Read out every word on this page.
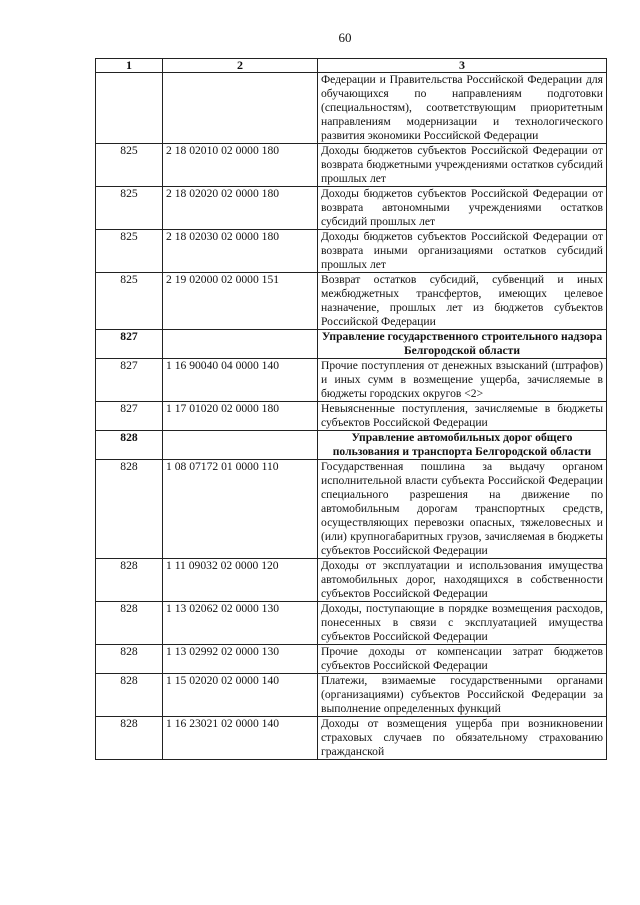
60
1	2	3
		Федерации и Правительства Российской Федерации для обучающихся по направлениям подготовки (специальностям), соответствующим приоритетным направлениям модернизации и технологического развития экономики Российской Федерации
825	2 18 02010 02 0000 180	Доходы бюджетов субъектов Российской Федерации от возврата бюджетными учреждениями остатков субсидий прошлых лет
825	2 18 02020 02 0000 180	Доходы бюджетов субъектов Российской Федерации от возврата автономными учреждениями остатков субсидий прошлых лет
825	2 18 02030 02 0000 180	Доходы бюджетов субъектов Российской Федерации от возврата иными организациями остатков субсидий прошлых лет
825	2 19 02000 02 0000 151	Возврат остатков субсидий, субвенций и иных межбюджетных трансфертов, имеющих целевое назначение, прошлых лет из бюджетов субъектов Российской Федерации
827		Управление государственного строительного надзора Белгородской области
827	1 16 90040 04 0000 140	Прочие поступления от денежных взысканий (штрафов) и иных сумм в возмещение ущерба, зачисляемые в бюджеты городских округов <2>
827	1 17 01020 02 0000 180	Невыясненные поступления, зачисляемые в бюджеты субъектов Российской Федерации
828		Управление автомобильных дорог общего пользования и транспорта Белгородской области
828	1 08 07172 01 0000 110	Государственная пошлина за выдачу органом исполнительной власти субъекта Российской Федерации специального разрешения на движение по автомобильным дорогам транспортных средств, осуществляющих перевозки опасных, тяжеловесных и (или) крупногабаритных грузов, зачисляемая в бюджеты субъектов Российской Федерации
828	1 11 09032 02 0000 120	Доходы от эксплуатации и использования имущества автомобильных дорог, находящихся в собственности субъектов Российской Федерации
828	1 13 02062 02 0000 130	Доходы, поступающие в порядке возмещения расходов, понесенных в связи с эксплуатацией имущества субъектов Российской Федерации
828	1 13 02992 02 0000 130	Прочие доходы от компенсации затрат бюджетов субъектов Российской Федерации
828	1 15 02020 02 0000 140	Платежи, взимаемые государственными органами (организациями) субъектов Российской Федерации за выполнение определенных функций
828	1 16 23021 02 0000 140	Доходы от возмещения ущерба при возникновении страховых случаев по обязательному страхованию гражданской
